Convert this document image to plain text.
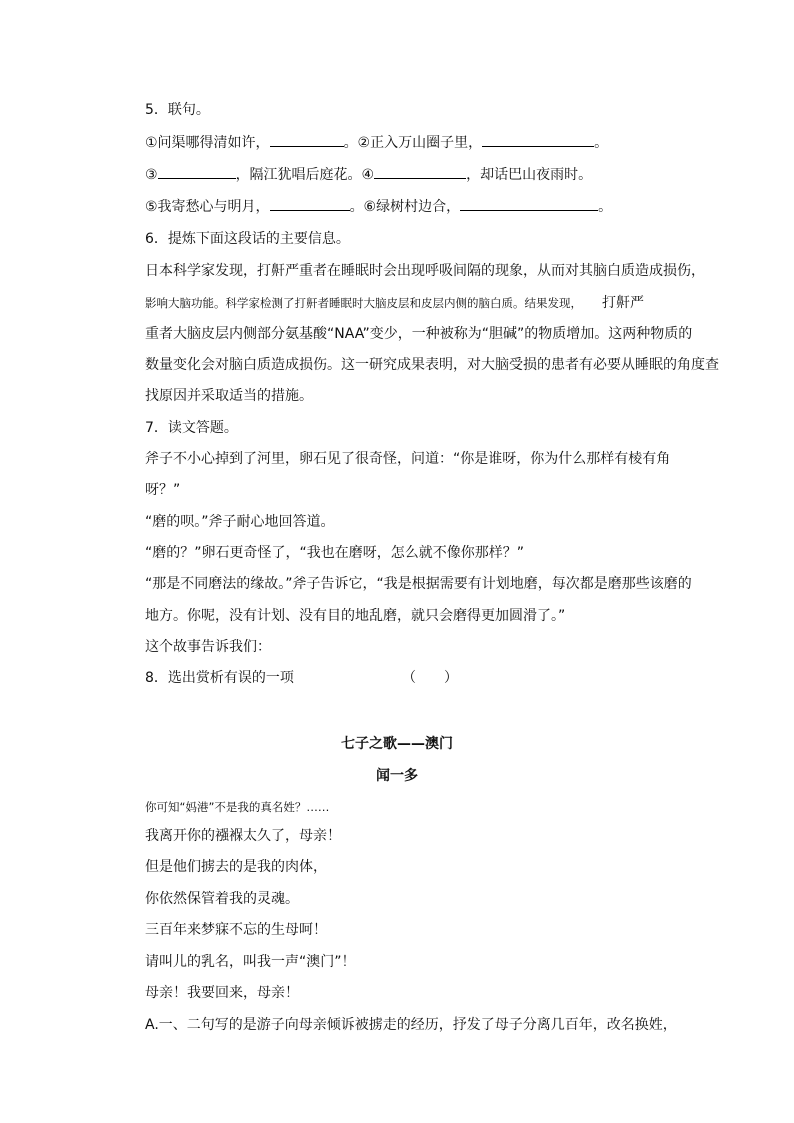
5．联句。
①问渠哪得清如许，	。②正入万山圈子里，	。
③	，隔江犹唱后庭花。④	，却话巴山夜雨时。
⑤我寄愁心与明月，	。⑥绿树村边合，	。
6．提炼下面这段话的主要信息。
日本科学家发现，打鼾严重者在睡眠时会出现呼吸间隔的现象，从而对其脑白质造成损伤，
影响大脑功能。科学家检测了打鼾者睡眠时大脑皮层和皮层内侧的脑白质。结果发现， 打鼾严
重者大脑皮层内侧部分氨基酸“NAA”变少，一种被称为“胆碱”的物质增加。这两种物质的
数量变化会对脑白质造成损伤。这一研究成果表明，对大脑受损的患者有必要从睡眠的角度查
找原因并采取适当的措施。
7．读文答题。
斧子不小心掉到了河里，卵石见了很奇怪，问道：“你是谁呀，你为什么那样有棱有角
呀？”
“磨的呗。”斧子耐心地回答道。
“磨的？”卵石更奇怪了，“我也在磨呀，怎么就不像你那样？”
“那是不同磨法的缘故。”斧子告诉它，“我是根据需要有计划地磨，每次都是磨那些该磨的
地方。你呢，没有计划、没有目的地乱磨，就只会磨得更加圆滑了。”
这个故事告诉我们：
8．选出赏析有误的一项	（　　）
七子之歌——澳门
闻一多
你可知“妈港”不是我的真名姓？……
我离开你的襁褓太久了，母亲！
但是他们掳去的是我的肉体，
你依然保管着我的灵魂。
三百年来梦寐不忘的生母呵！
请叫儿的乳名，叫我一声“澳门”！
母亲！我要回来，母亲！
A.一、二句写的是游子向母亲倾诉被掳走的经历，抒发了母子分离几百年，改名换姓，
